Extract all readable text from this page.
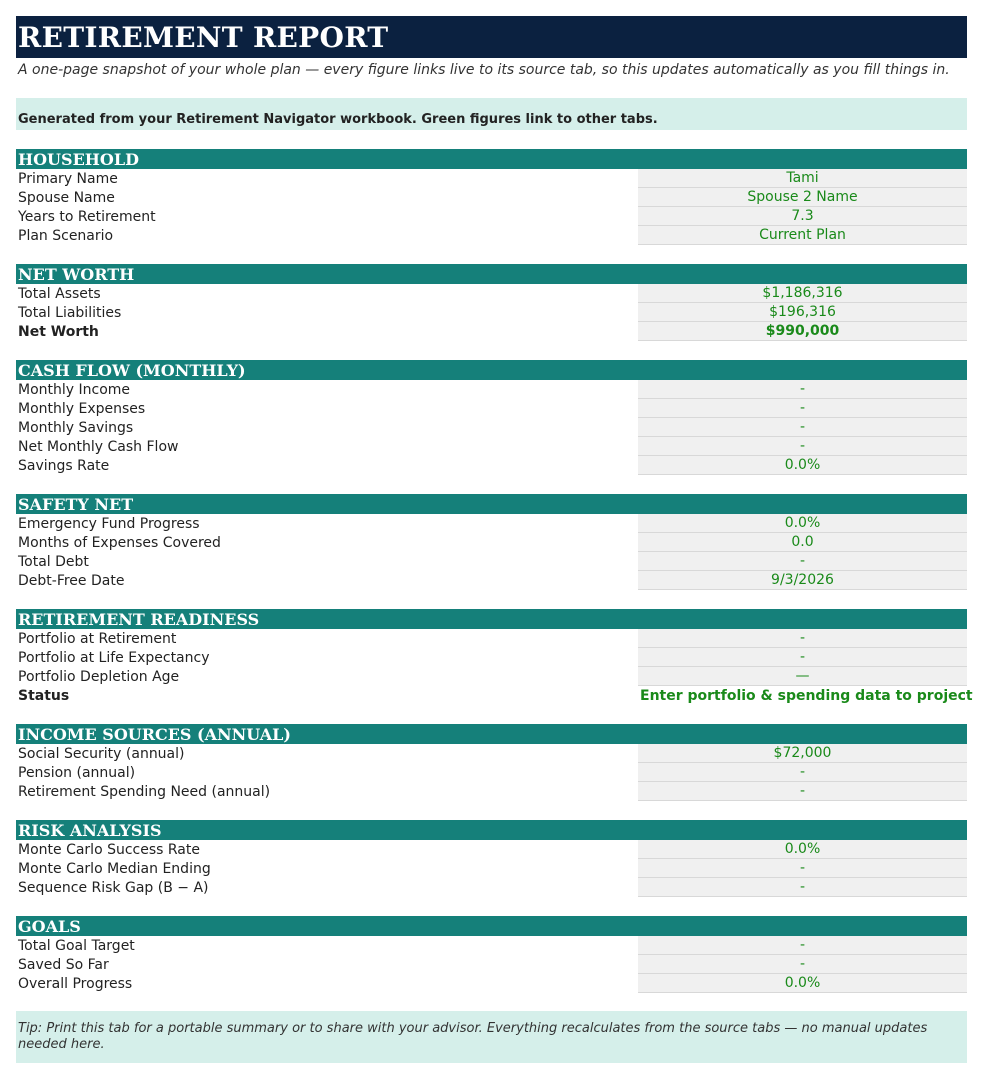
RETIREMENT REPORT
A one-page snapshot of your whole plan — every figure links live to its source tab, so this updates automatically as you fill things in.
Generated from your Retirement Navigator workbook. Green figures link to other tabs.
HOUSEHOLD
Primary Name	Tami
Spouse Name	Spouse 2 Name
Years to Retirement	7.3
Plan Scenario	Current Plan
NET WORTH
Total Assets	$1,186,316
Total Liabilities	$196,316
Net Worth	$990,000
CASH FLOW (MONTHLY)
Monthly Income	-
Monthly Expenses	-
Monthly Savings	-
Net Monthly Cash Flow	-
Savings Rate	0.0%
SAFETY NET
Emergency Fund Progress	0.0%
Months of Expenses Covered	0.0
Total Debt	-
Debt-Free Date	9/3/2026
RETIREMENT READINESS
Portfolio at Retirement	-
Portfolio at Life Expectancy	-
Portfolio Depletion Age	—
Status	Enter portfolio & spending data to project
INCOME SOURCES (ANNUAL)
Social Security (annual)	$72,000
Pension (annual)	-
Retirement Spending Need (annual)	-
RISK ANALYSIS
Monte Carlo Success Rate	0.0%
Monte Carlo Median Ending	-
Sequence Risk Gap (B − A)	-
GOALS
Total Goal Target	-
Saved So Far	-
Overall Progress	0.0%
Tip: Print this tab for a portable summary or to share with your advisor. Everything recalculates from the source tabs — no manual updates needed here.
